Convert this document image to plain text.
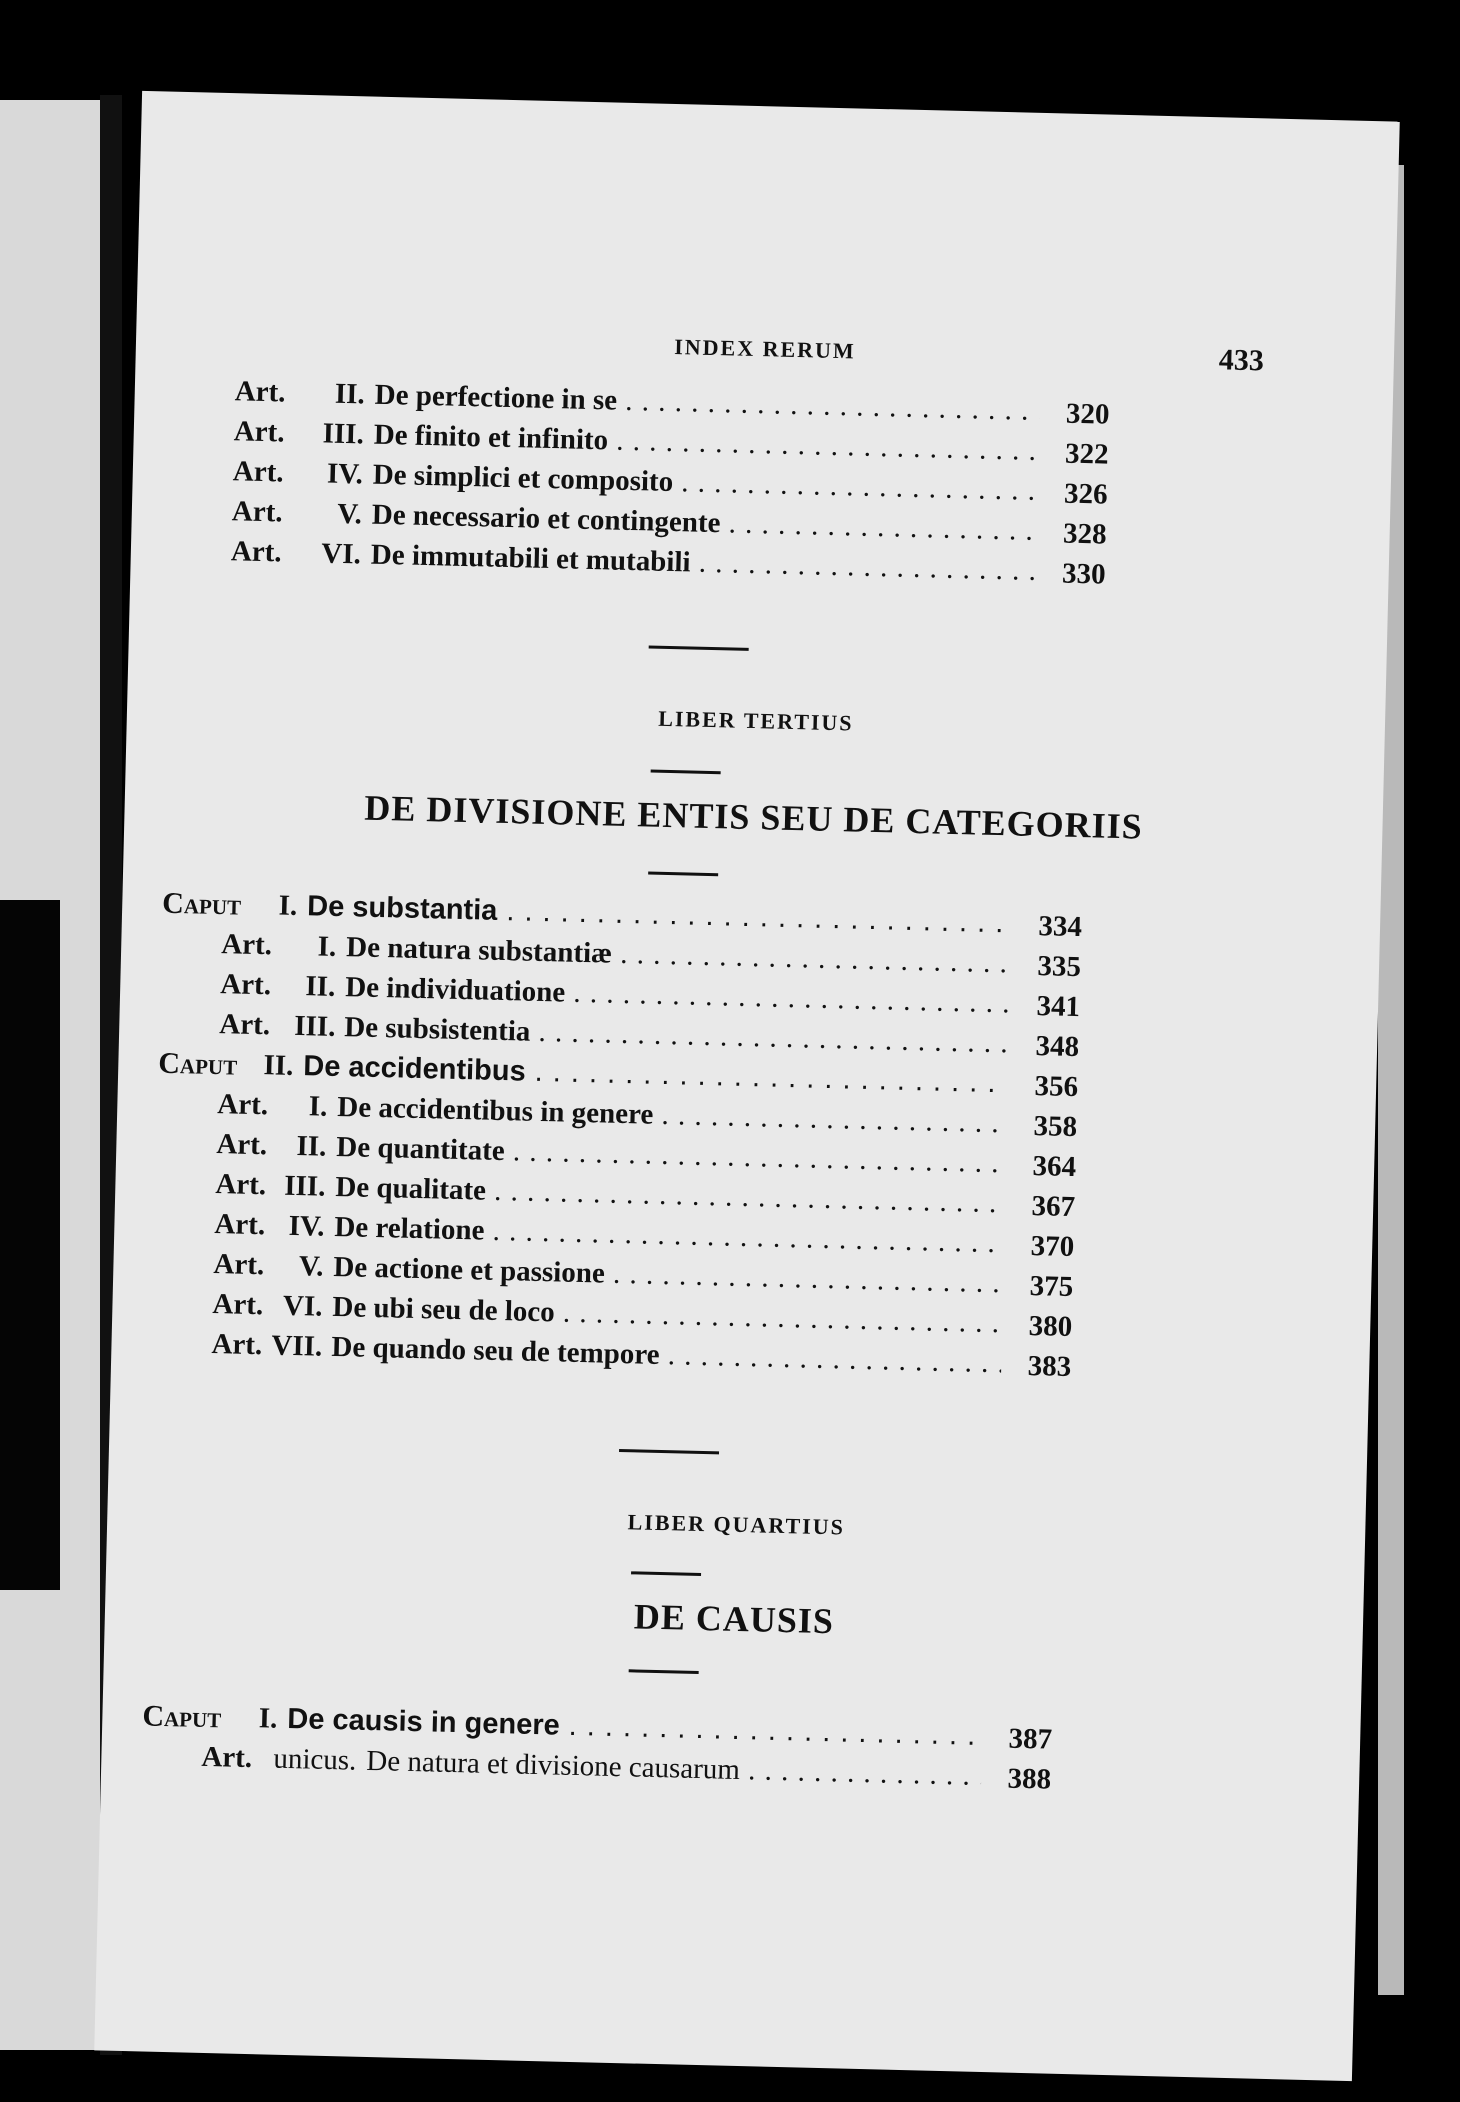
INDEX RERUM	433
Art.	II. De perfectione in se . . .	320
Art.	III. De finito et infinito . . .	322
Art.	IV. De simplici et composito . . .	326
Art.	V. De necessario et contingente . . .	328
Art.	VI. De immutabili et mutabili . . .	330
LIBER TERTIUS
DE DIVISIONE ENTIS SEU DE CATEGORIIS
Caput	I. De substantia . . .	334
Art.	I. De natura substantiæ . . .	335
Art.	II. De individuatione . . .	341
Art. III. De subsistentia . . .	348
Caput II. De accidentibus . . .	356
Art.	I. De accidentibus in genere . . .	358
Art. II. De quantitate . . .	364
Art. III. De qualitate . . .	367
Art. IV. De relatione . . .	370
Art.	V. De actione et passione . . .	375
Art. VI. De ubi seu de loco . . .	380
Art. VII. De quando seu de tempore . . .	383
LIBER QUARTIUS
DE CAUSIS
Caput	I. De causis in genere . . .	387
Art. unicus. De natura et divisione causarum . . .	388
